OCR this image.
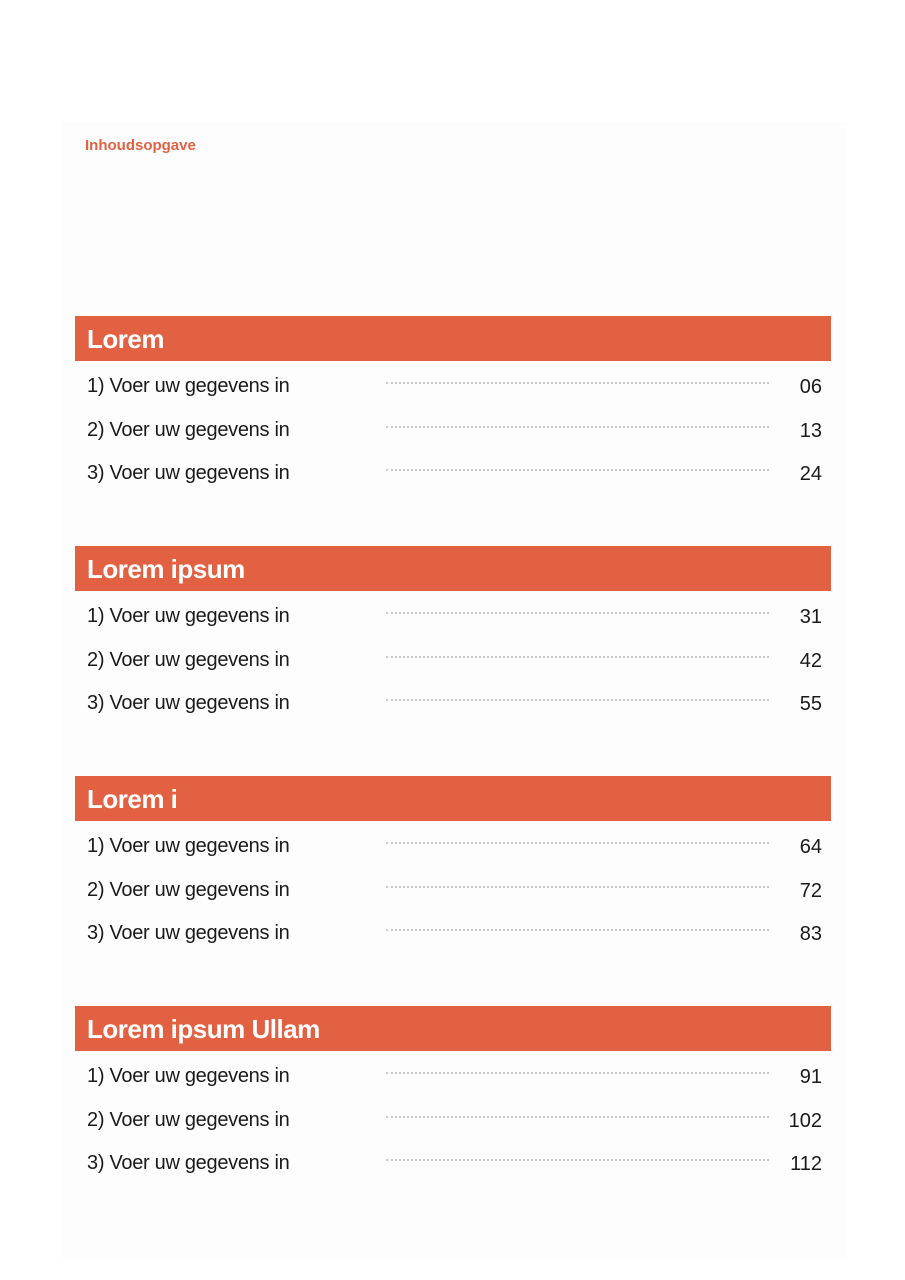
Inhoudsopgave
Lorem
1) Voer uw gegevens in	06
2) Voer uw gegevens in	13
3) Voer uw gegevens in	24
Lorem ipsum
1) Voer uw gegevens in	31
2) Voer uw gegevens in	42
3) Voer uw gegevens in	55
Lorem i
1) Voer uw gegevens in	64
2) Voer uw gegevens in	72
3) Voer uw gegevens in	83
Lorem ipsum Ullam
1) Voer uw gegevens in	91
2) Voer uw gegevens in	102
3) Voer uw gegevens in	112
